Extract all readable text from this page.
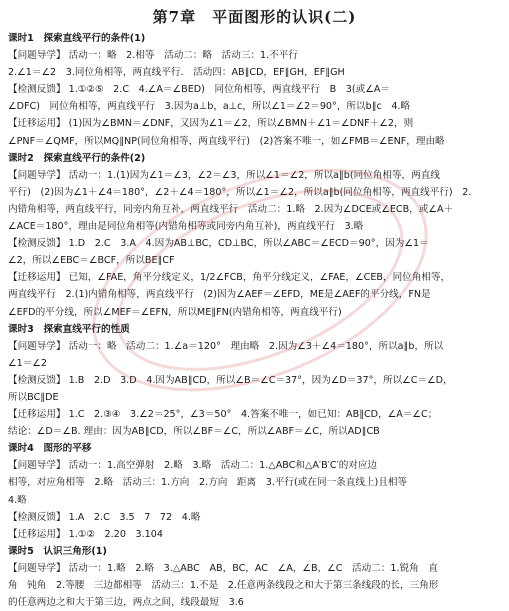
第7章 平面图形的认识(二)
课时1　探索直线平行的条件(1)
【问题导学】 活动一：略　2.相等　活动二：略　活动三：1.不平行
2.∠1＝∠2　3.同位角相等，两直线平行.　活动四：AB∥CD，EF∥GH，EF∥GH
【检测反馈】 1.①②⑤　2.C　4.∠A＝∠BED)　同位角相等，两直线平行　B　3(或∠A＝
∠DFC)　同位角相等，两直线平行　3.因为a⊥b，a⊥c，所以∠1＝∠2＝90°，所以b∥c　4.略
【迁移运用】 (1)因为∠BMN＝∠DNF，又因为∠1＝∠2，所以∠BMN＋∠1＝∠DNF＋∠2，则
∠PNF＝∠QMF，所以MQ∥NP(同位角相等，两直线平行)　(2)答案不唯一，如∠FMB＝∠ENF，理由略
课时2　探索直线平行的条件(2)
【问题导学】 活动一：1.(1)因为∠1＝∠3，∠2＝∠3，所以∠1＝∠2，所以a∥b(同位角相等，两直线
平行)　(2)因为∠1＋∠4＝180°，∠2＋∠4＝180°，所以∠1＝∠2，所以a∥b(同位角相等，两直线平行)　2.
内错角相等，两直线平行，同旁内角互补，两直线平行　活动二：1.略　2.因为∠DCE或∠ECB，或∠A＋
∠ACE＝180°，理由是同位角相等(内错角相等或同旁内角互补)，两直线平行　3.略
【检测反馈】 1.D　2.C　3.A　4.因为AB⊥BC，CD⊥BC，所以∠ABC＝∠ECD＝90°，因为∠1＝
∠2，所以∠EBC＝∠BCF，所以BE∥CF
【迁移运用】 已知，∠FAE，角平分线定义，1/2∠FCB，角平分线定义，∠FAE，∠CEB，同位角相等，
两直线平行　2.(1)内错角相等，两直线平行　(2)因为∠AEF＝∠EFD，ME是∠AEF的平分线，FN是
∠EFD的平分线，所以∠MEF＝∠EFN，所以ME∥FN(内错角相等，两直线平行)
课时3　探索直线平行的性质
【问题导学】 活动一：略　活动二：1.∠a＝120°　理由略　2.因为∠3＋∠4＝180°，所以a∥b，所以
∠1＝∠2
【检测反馈】 1.B　2.D　3.D　4.因为AB∥CD，所以∠B＝∠C＝37°，因为∠D＝37°，所以∠C＝∠D，
所以BC∥DE
【迁移运用】 1.C　2.③④　3.∠2＝25°，∠3＝50°　4.答案不唯一，如已知：AB∥CD，∠A＝∠C；
结论：∠D＝∠B. 理由：因为AB∥CD，所以∠BF＝∠C，所以∠ABF＝∠C，所以AD∥CB
课时4　图形的平移
【问题导学】 活动一：1.高空弹射　2.略　3.略　活动二：1.△ABC和△A′B′C′的对应边
相等，对应角相等　2.略　活动三：1.方向　2.方向　距离　3.平行(或在同一条直线上)且相等
4.略
【检测反馈】 1.A　2.C　3.5　7　72　4.略
【迁移运用】 1.①②　2.20　3.104
课时5　认识三角形(1)
【问题导学】 活动一：1.略　2.略　3.△ABC　AB，BC，AC　∠A，∠B，∠C　活动二：1.锐角　直
角　钝角　2.等腰　三边都相等　活动三：1.不是　2.任意两条线段之和大于第三条线段的长，三角形
的任意两边之和大于第三边，两点之间，线段最短　3.6
